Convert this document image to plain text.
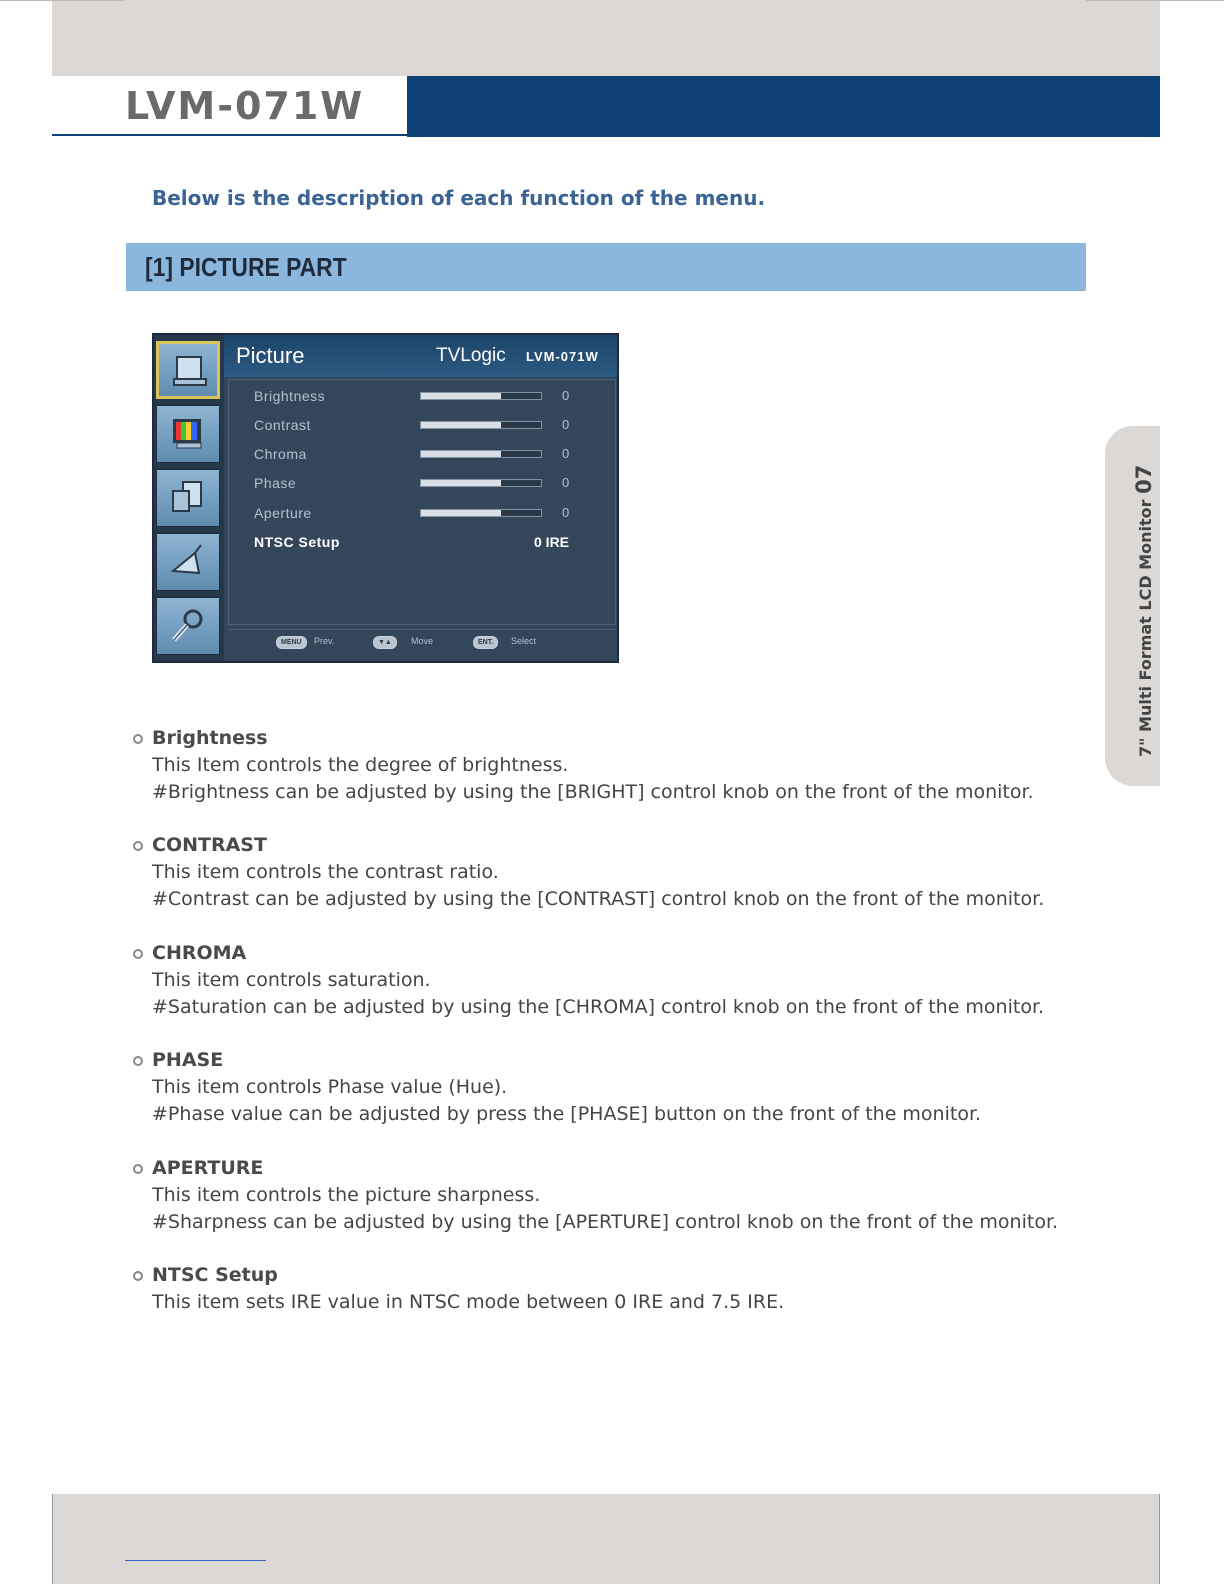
LVM-071W
Below is the description of each function of the menu.
[1] PICTURE PART
Picture	TVLogic LVM-071W
Brightness	0
Contrast	0
Chroma	0
Phase	0
Aperture	0
NTSC Setup	0 IRE
MENU	Prev.	▼▲	Move	ENT.	Select	7" Multi Format LCD Monitor 07
Brightness
This Item controls the degree of brightness.
#Brightness can be adjusted by using the [BRIGHT] control knob on the front of the monitor.
CONTRAST
This item controls the contrast ratio.
#Contrast can be adjusted by using the [CONTRAST] control knob on the front of the monitor.
CHROMA
This item controls saturation.
#Saturation can be adjusted by using the [CHROMA] control knob on the front of the monitor.
PHASE
This item controls Phase value (Hue).
#Phase value can be adjusted by press the [PHASE] button on the front of the monitor.
APERTURE
This item controls the picture sharpness.
#Sharpness can be adjusted by using the [APERTURE] control knob on the front of the monitor.
NTSC Setup
This item sets IRE value in NTSC mode between 0 IRE and 7.5 IRE.
